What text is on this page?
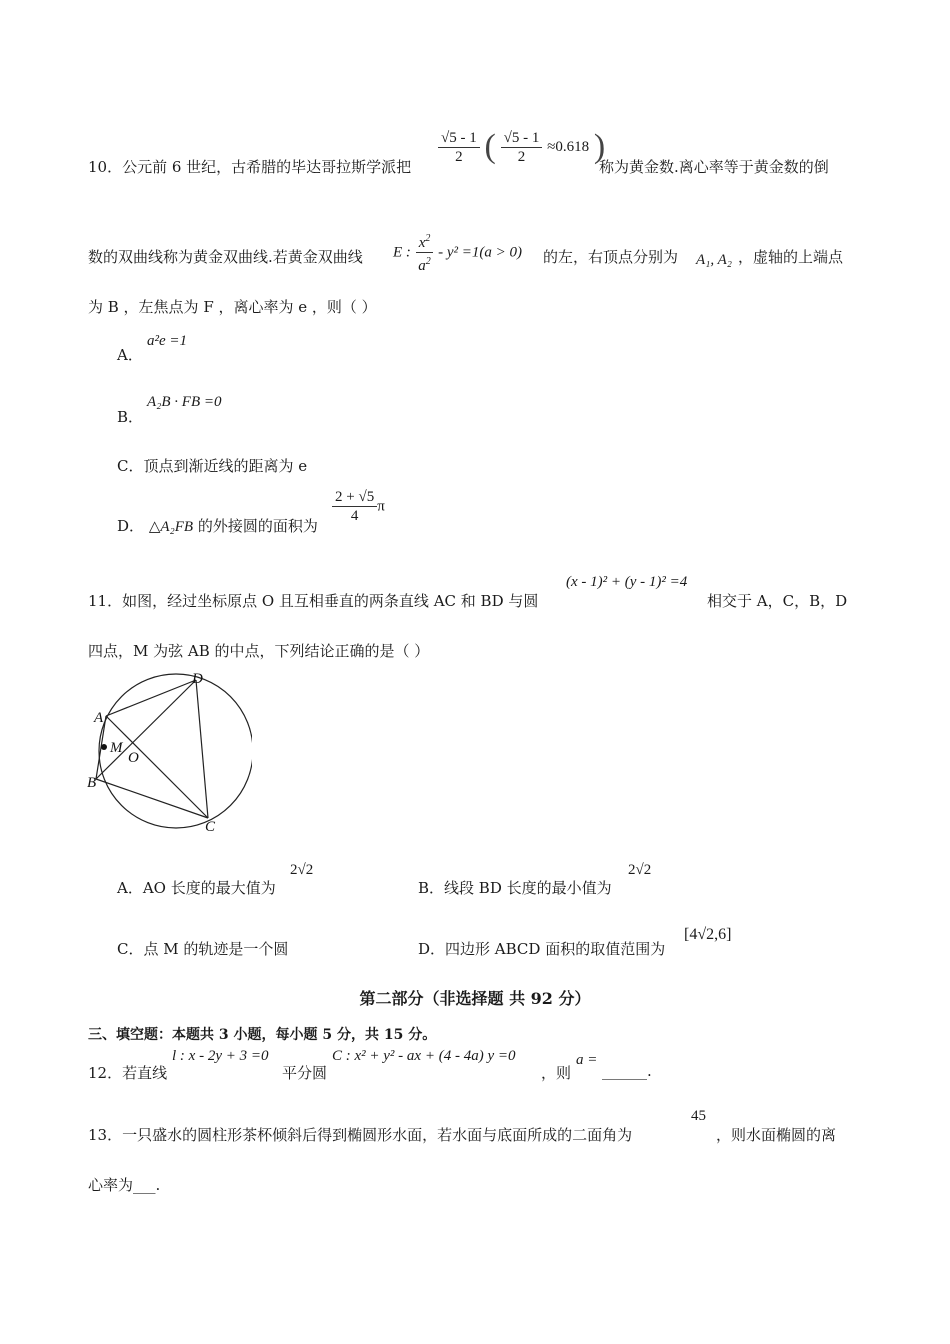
10．公元前 6 世纪，古希腊的毕达哥拉斯学派把
$\frac{√5 - 1}{2}$ ( $\frac{√5 - 1}{2} \approx 0.618$ )
称为黄金数.离心率等于黄金数的倒
数的双曲线称为黄金双曲线.若黄金双曲线 E : $\frac{x^2}{a^2} - y^2 =1(a > 0)$ 的左，右顶点分别为 A₁, A₂ ，虚轴的上端点
为 B ，左焦点为 F ，离心率为 e ，则（ ）
A．
a²e =1
B．
A₂B · FB =0
C．顶点到渐近线的距离为 e
D． △A₂FB 的外接圆的面积为
$\frac{2 + √5}{4}$ π
11．如图，经过坐标原点 O 且互相垂直的两条直线 AC 和 BD 与圆
(x - 1)² + (y - 1)² =4
相交于 A，C，B，D
四点，M 为弦 AB 的中点，下列结论正确的是（ ）
A
B
C
D
M
O
A．AO 长度的最大值为
2√2
B．线段 BD 长度的最小值为
2√2
C．点 M 的轨迹是一个圆	D．四边形 ABCD 面积的取值范围为
[4√2,6]
第二部分（非选择题 共 92 分）
三、填空题：本题共 3 小题，每小题 5 分，共 15 分。
12．若直线
l : x - 2y + 3 =0
平分圆
C : x² + y² - ax + (4 - 4a) y =0
，则
a =
______.
13．一只盛水的圆柱形茶杯倾斜后得到椭圆形水面，若水面与底面所成的二面角为
45
，则水面椭圆的离
心率为___.
